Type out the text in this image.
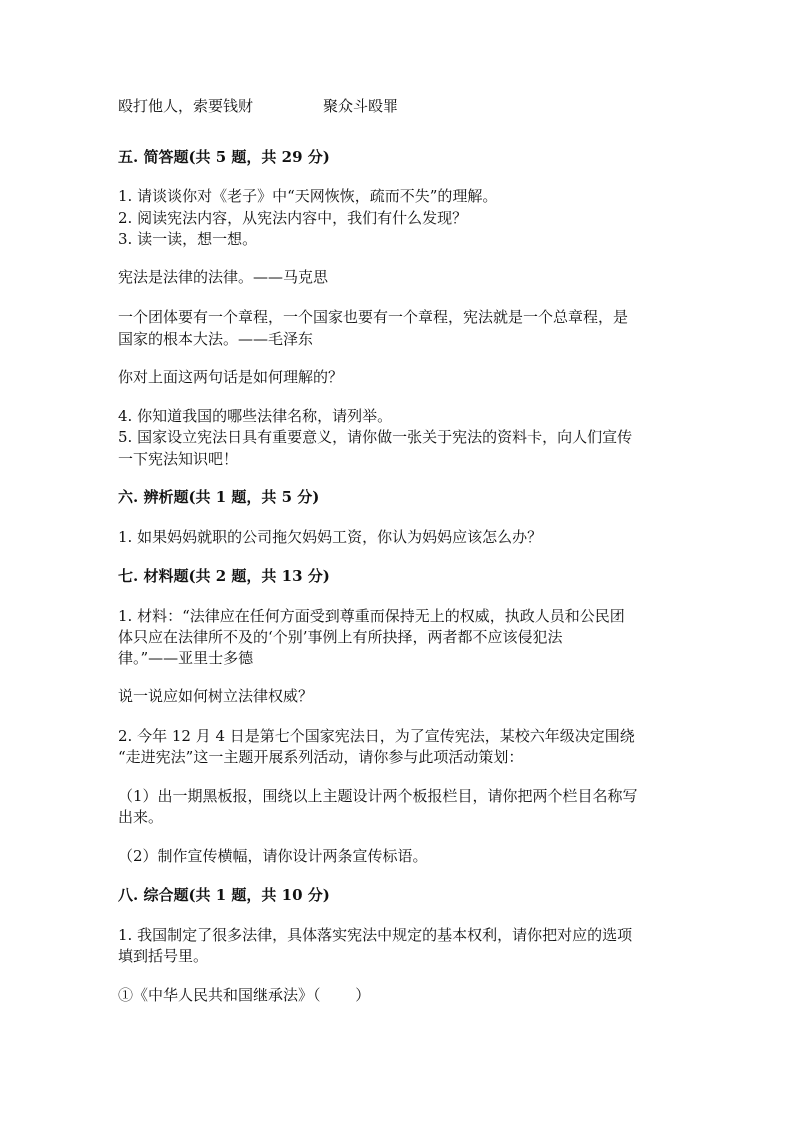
殴打他人，索要钱财	聚众斗殴罪
五. 简答题(共 5 题，共 29 分)
1. 请谈谈你对《老子》中“天网恢恢，疏而不失”的理解。
2. 阅读宪法内容，从宪法内容中，我们有什么发现？
3. 读一读，想一想。
宪法是法律的法律。——马克思
一个团体要有一个章程，一个国家也要有一个章程，宪法就是一个总章程，是
国家的根本大法。——毛泽东
你对上面这两句话是如何理解的？
4. 你知道我国的哪些法律名称，请列举。
5. 国家设立宪法日具有重要意义，请你做一张关于宪法的资料卡，向人们宣传
一下宪法知识吧！
六. 辨析题(共 1 题，共 5 分)
1. 如果妈妈就职的公司拖欠妈妈工资，你认为妈妈应该怎么办？
七. 材料题(共 2 题，共 13 分)
1. 材料：“法律应在任何方面受到尊重而保持无上的权威，执政人员和公民团
体只应在法律所不及的‘个别’事例上有所抉择，两者都不应该侵犯法
律。”——亚里士多德
说一说应如何树立法律权威？
2. 今年 12 月 4 日是第七个国家宪法日，为了宣传宪法，某校六年级决定围绕
“走进宪法”这一主题开展系列活动，请你参与此项活动策划：
（1）出一期黑板报，围绕以上主题设计两个板报栏目，请你把两个栏目名称写
出来。
（2）制作宣传横幅，请你设计两条宣传标语。
八. 综合题(共 1 题，共 10 分)
1. 我国制定了很多法律，具体落实宪法中规定的基本权利，请你把对应的选项
填到括号里。
①《中华人民共和国继承法》（　　 ）
